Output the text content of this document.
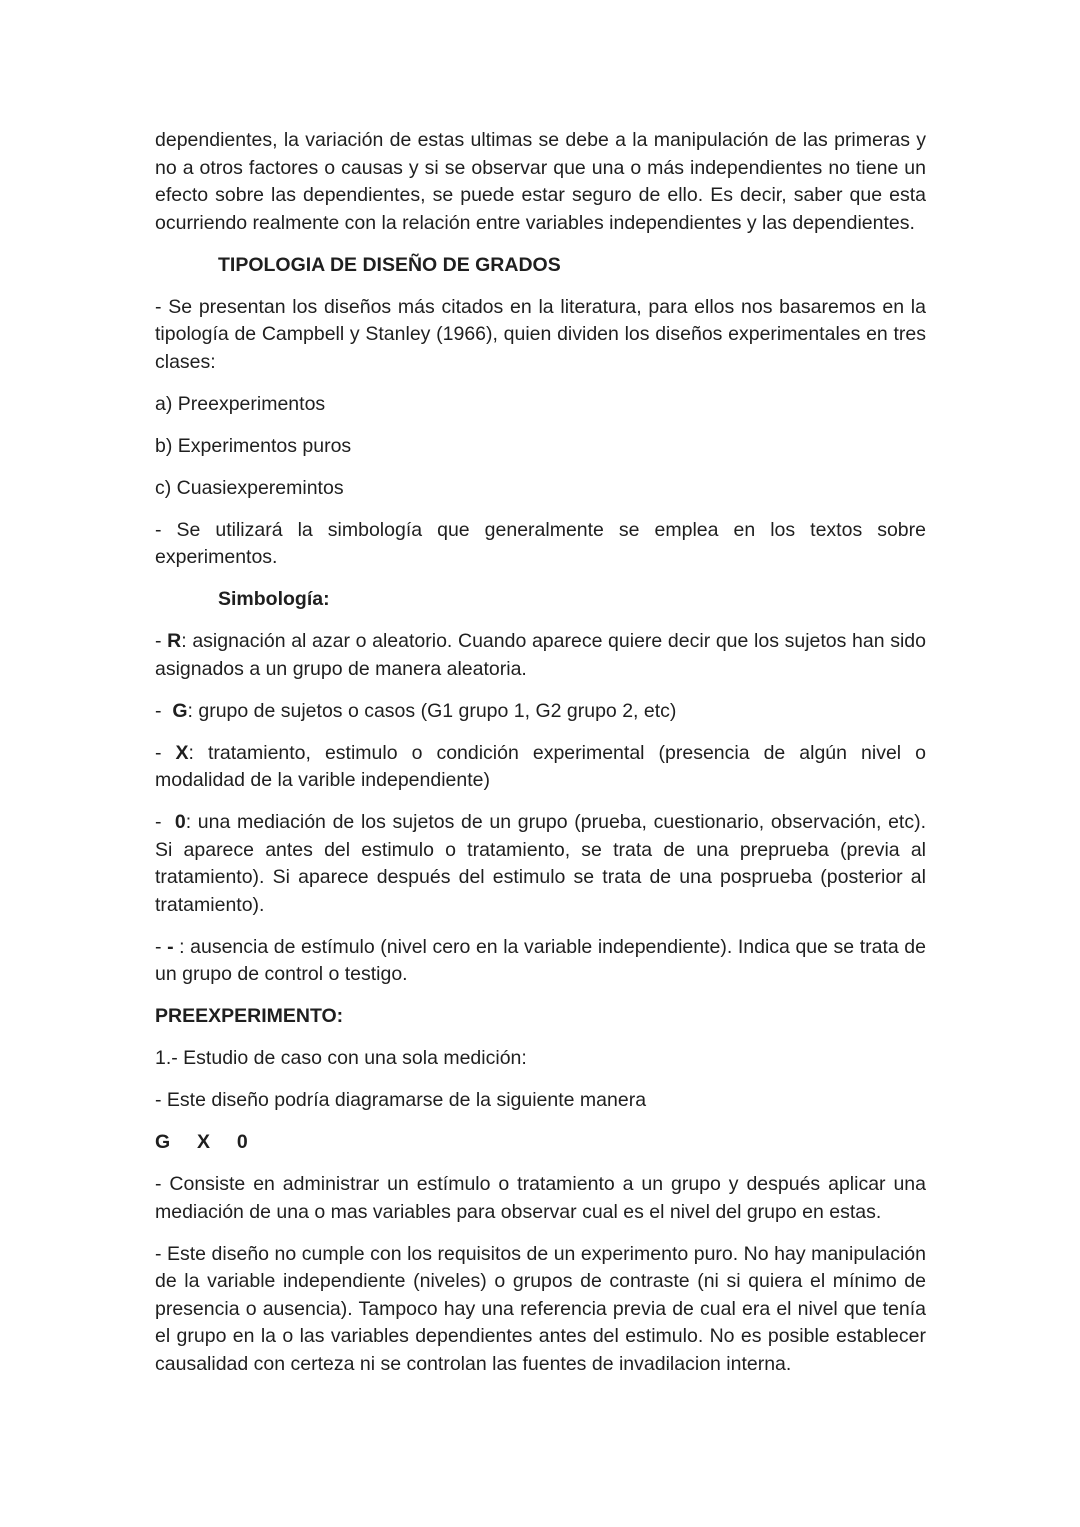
dependientes, la variación de estas ultimas se debe a la manipulación de las primeras y no a otros factores o causas y si se observar que una o más independientes no tiene un efecto sobre las dependientes, se puede estar seguro de ello. Es decir, saber que esta ocurriendo realmente con la relación entre variables independientes y las dependientes.

TIPOLOGIA DE DISEÑO DE GRADOS

- Se presentan los diseños más citados en la literatura, para ellos nos basaremos en la tipología de Campbell y Stanley (1966), quien dividen los diseños experimentales en tres clases:

a) Preexperimentos

b) Experimentos puros

c) Cuasiexperemintos

- Se utilizará la simbología que generalmente se emplea en los textos sobre experimentos.

Simbología:

- R: asignación al azar o aleatorio. Cuando aparece quiere decir que los sujetos han sido asignados a un grupo de manera aleatoria.

-  G: grupo de sujetos o casos (G1 grupo 1, G2 grupo 2, etc)

- X: tratamiento, estimulo o condición experimental (presencia de algún nivel o modalidad de la varible independiente)

-  0: una mediación de los sujetos de un grupo (prueba, cuestionario, observación, etc). Si aparece antes del estimulo o tratamiento, se trata de una preprueba (previa al tratamiento). Si aparece después del estimulo se trata de una posprueba (posterior al tratamiento).

- - : ausencia de estímulo (nivel cero en la variable independiente). Indica que se trata de un grupo de control o testigo.

PREEXPERIMENTO:

1.- Estudio de caso con una sola medición:

- Este diseño podría diagramarse de la siguiente manera

G  X  0

- Consiste en administrar un estímulo o tratamiento a un grupo y después aplicar una mediación de una o mas variables para observar cual es el nivel del grupo en estas.

- Este diseño no cumple con los requisitos de un experimento puro. No hay manipulación de la variable independiente (niveles) o grupos de contraste (ni si quiera el mínimo de presencia o ausencia). Tampoco hay una referencia previa de cual era el nivel que tenía el grupo en la o las variables dependientes antes del estimulo. No es posible establecer causalidad con certeza ni se controlan las fuentes de invadilacion interna.
